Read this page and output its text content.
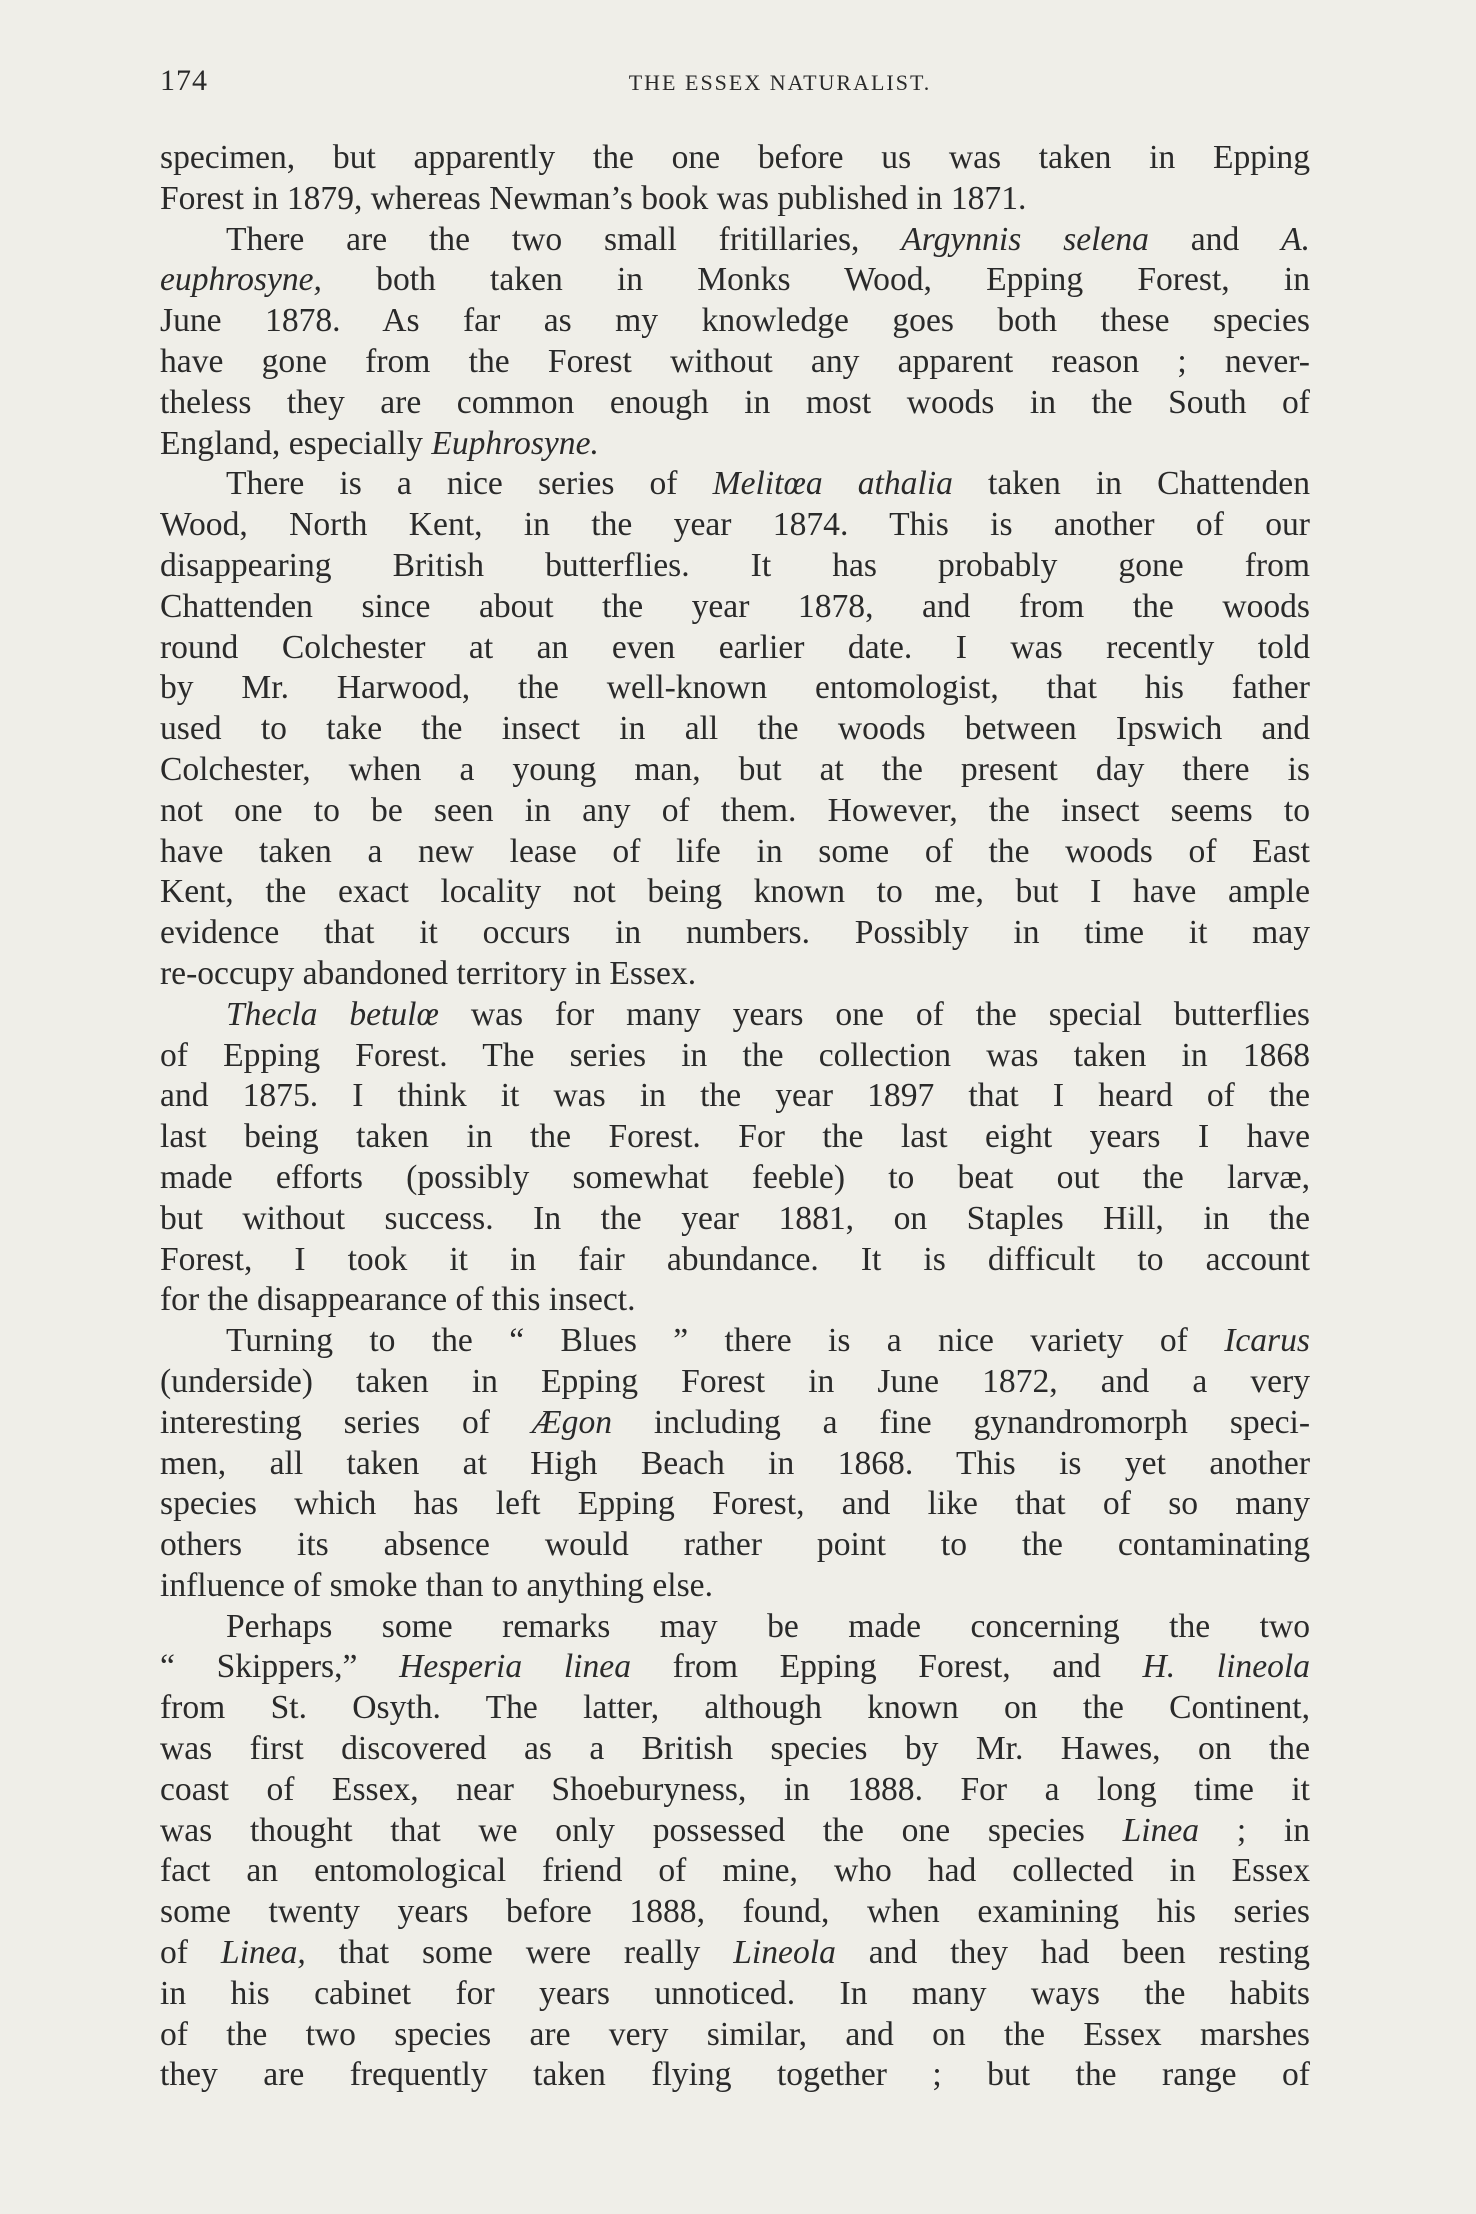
174	THE ESSEX NATURALIST.
specimen, but apparently the one before us was taken in Epping
Forest in 1879, whereas Newman’s book was published in 1871.
There are the two small fritillaries, Argynnis selena and A.
euphrosyne, both taken in Monks Wood, Epping Forest, in
June 1878. As far as my knowledge goes both these species
have gone from the Forest without any apparent reason ; never-
theless they are common enough in most woods in the South of
England, especially Euphrosyne.
There is a nice series of Melitœa athalia taken in Chattenden
Wood, North Kent, in the year 1874. This is another of our
disappearing British butterflies. It has probably gone from
Chattenden since about the year 1878, and from the woods
round Colchester at an even earlier date. I was recently told
by Mr. Harwood, the well-known entomologist, that his father
used to take the insect in all the woods between Ipswich and
Colchester, when a young man, but at the present day there is
not one to be seen in any of them. However, the insect seems to
have taken a new lease of life in some of the woods of East
Kent, the exact locality not being known to me, but I have ample
evidence that it occurs in numbers. Possibly in time it may
re-occupy abandoned territory in Essex.
Thecla betulœ was for many years one of the special butterflies
of Epping Forest. The series in the collection was taken in 1868
and 1875. I think it was in the year 1897 that I heard of the
last being taken in the Forest. For the last eight years I have
made efforts (possibly somewhat feeble) to beat out the larvæ,
but without success. In the year 1881, on Staples Hill, in the
Forest, I took it in fair abundance. It is difficult to account
for the disappearance of this insect.
Turning to the “ Blues ” there is a nice variety of Icarus
(underside) taken in Epping Forest in June 1872, and a very
interesting series of Ægon including a fine gynandromorph speci-
men, all taken at High Beach in 1868. This is yet another
species which has left Epping Forest, and like that of so many
others its absence would rather point to the contaminating
influence of smoke than to anything else.
Perhaps some remarks may be made concerning the two
“ Skippers,” Hesperia linea from Epping Forest, and H. lineola
from St. Osyth. The latter, although known on the Continent,
was first discovered as a British species by Mr. Hawes, on the
coast of Essex, near Shoeburyness, in 1888. For a long time it
was thought that we only possessed the one species Linea ; in
fact an entomological friend of mine, who had collected in Essex
some twenty years before 1888, found, when examining his series
of Linea, that some were really Lineola and they had been resting
in his cabinet for years unnoticed. In many ways the habits
of the two species are very similar, and on the Essex marshes
they are frequently taken flying together ; but the range of
